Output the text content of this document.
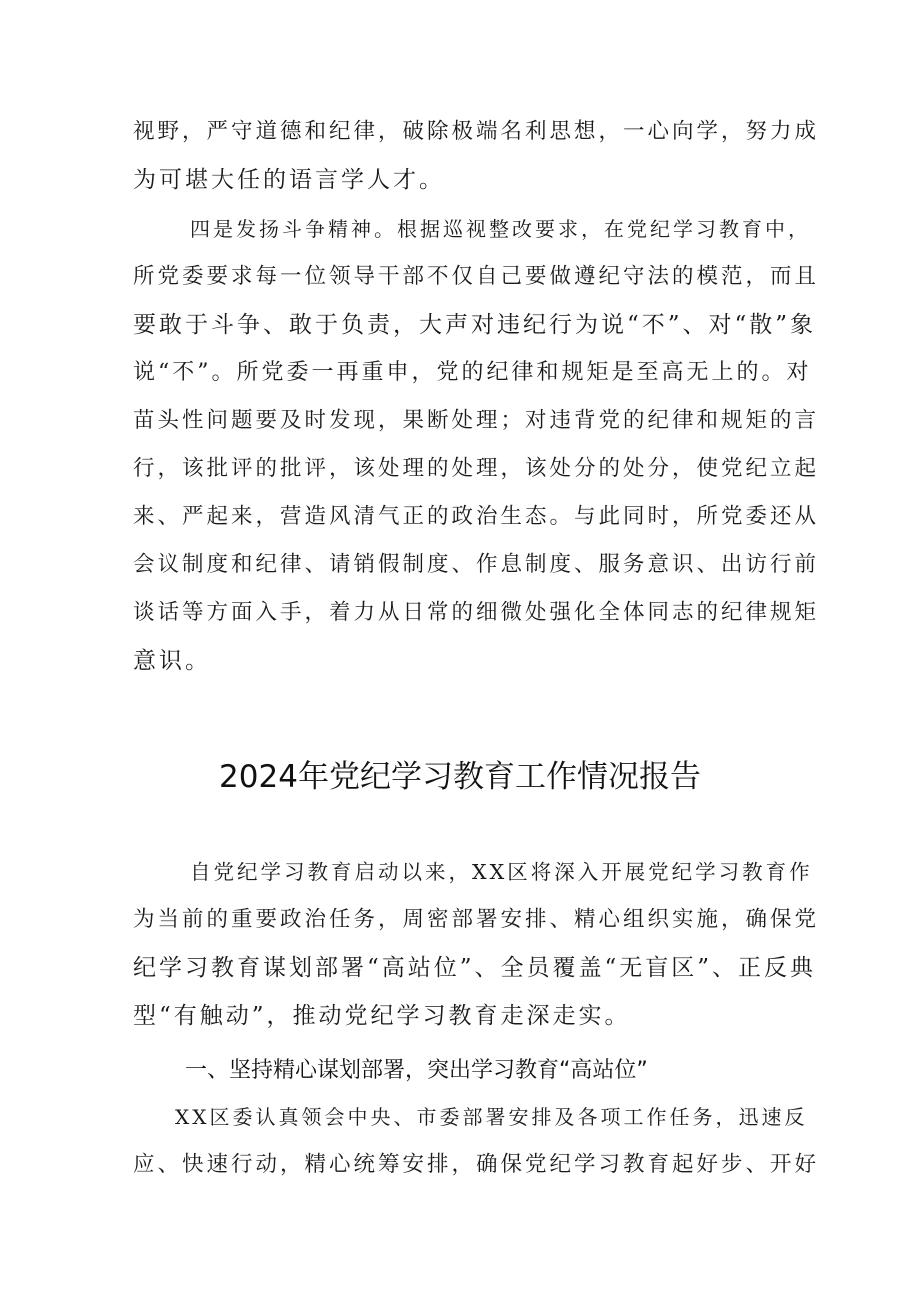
视野，严守道德和纪律，破除极端名利思想，一心向学，努力成
为可堪大任的语言学人才。
四是发扬斗争精神。根据巡视整改要求，在党纪学习教育中，
所党委要求每一位领导干部不仅自己要做遵纪守法的模范，而且
要敢于斗争、敢于负责，大声对违纪行为说“不”、对“散”象
说“不”。所党委一再重申，党的纪律和规矩是至高无上的。对
苗头性问题要及时发现，果断处理；对违背党的纪律和规矩的言
行，该批评的批评，该处理的处理，该处分的处分，使党纪立起
来、严起来，营造风清气正的政治生态。与此同时，所党委还从
会议制度和纪律、请销假制度、作息制度、服务意识、出访行前
谈话等方面入手，着力从日常的细微处强化全体同志的纪律规矩
意识。
2024年党纪学习教育工作情况报告
自党纪学习教育启动以来，XX区将深入开展党纪学习教育作
为当前的重要政治任务，周密部署安排、精心组织实施，确保党
纪学习教育谋划部署“高站位”、全员覆盖“无盲区”、正反典
型“有触动”，推动党纪学习教育走深走实。
一、坚持精心谋划部署，突出学习教育“高站位”
XX区委认真领会中央、市委部署安排及各项工作任务，迅速反
应、快速行动，精心统筹安排，确保党纪学习教育起好步、开好
